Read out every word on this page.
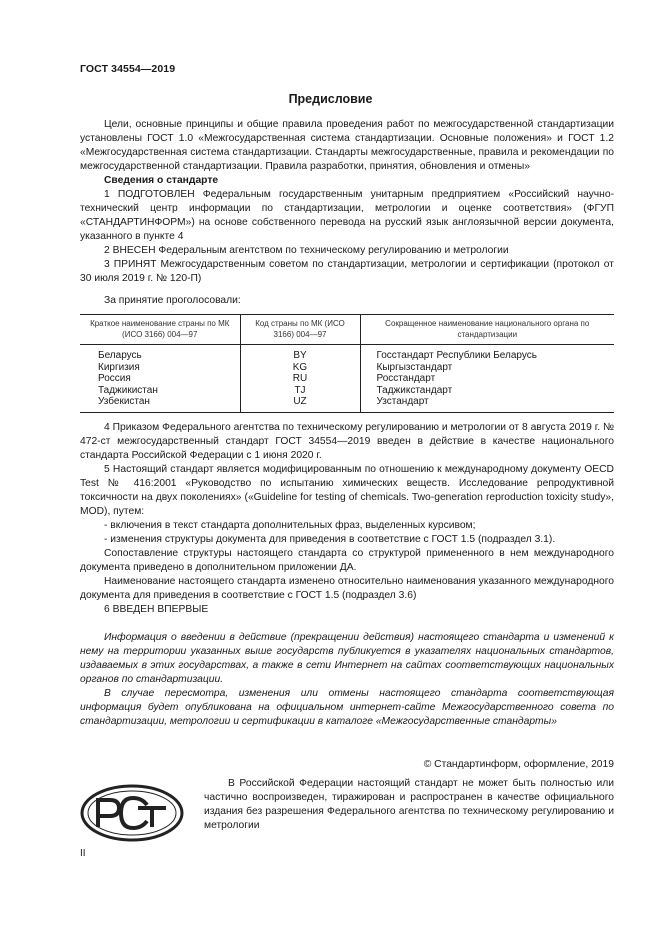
ГОСТ 34554—2019
Предисловие

Цели, основные принципы и общие правила проведения работ по межгосударственной стандартизации установлены ГОСТ 1.0 «Межгосударственная система стандартизации. Основные положения» и ГОСТ 1.2 «Межгосударственная система стандартизации. Стандарты межгосударственные, правила и рекомендации по межгосударственной стандартизации. Правила разработки, принятия, обновления и отмены»

Сведения о стандарте

1 ПОДГОТОВЛЕН Федеральным государственным унитарным предприятием «Российский научно-технический центр информации по стандартизации, метрологии и оценке соответствия» (ФГУП «СТАНДАРТИНФОРМ») на основе собственного перевода на русский язык англоязычной версии документа, указанного в пункте 4

2 ВНЕСЕН Федеральным агентством по техническому регулированию и метрологии

3 ПРИНЯТ Межгосударственным советом по стандартизации, метрологии и сертификации (протокол от 30 июля 2019 г. № 120-П)

За принятие проголосовали:

Краткое наименование страны по МК (ИСО 3166) 004—97	Код страны по МК (ИСО 3166) 004—97	Сокращенное наименование национального органа по стандартизации
Беларусь	BY	Госстандарт Республики Беларусь
Киргизия	KG	Кыргызстандарт
Россия	RU	Росстандарт
Таджикистан	TJ	Таджикстандарт
Узбекистан	UZ	Узстандарт

4 Приказом Федерального агентства по техническому регулированию и метрологии от 8 августа 2019 г. № 472-ст межгосударственный стандарт ГОСТ 34554—2019 введен в действие в качестве национального стандарта Российской Федерации с 1 июня 2020 г.

5 Настоящий стандарт является модифицированным по отношению к международному документу OECD Test № 416:2001 «Руководство по испытанию химических веществ. Исследование репродуктивной токсичности на двух поколениях» («Guideline for testing of chemicals. Two-generation reproduction toxicity study», MOD), путем:

- включения в текст стандарта дополнительных фраз, выделенных курсивом;

- изменения структуры документа для приведения в соответствие с ГОСТ 1.5 (подраздел 3.1).

Сопоставление структуры настоящего стандарта со структурой примененного в нем международного документа приведено в дополнительном приложении ДА.

Наименование настоящего стандарта изменено относительно наименования указанного международного документа для приведения в соответствие с ГОСТ 1.5 (подраздел 3.6)

6 ВВЕДЕН ВПЕРВЫЕ

Информация о введении в действие (прекращении действия) настоящего стандарта и изменений к нему на территории указанных выше государств публикуется в указателях национальных стандартов, издаваемых в этих государствах, а также в сети Интернет на сайтах соответствующих национальных органов по стандартизации.

В случае пересмотра, изменения или отмены настоящего стандарта соответствующая информация будет опубликована на официальном интернет-сайте Межгосударственного совета по стандартизации, метрологии и сертификации в каталоге «Межгосударственные стандарты»

© Стандартинформ, оформление, 2019

В Российской Федерации настоящий стандарт не может быть полностью или частично воспроизведен, тиражирован и распространен в качестве официального издания без разрешения Федерального агентства по техническому регулированию и метрологии

II
